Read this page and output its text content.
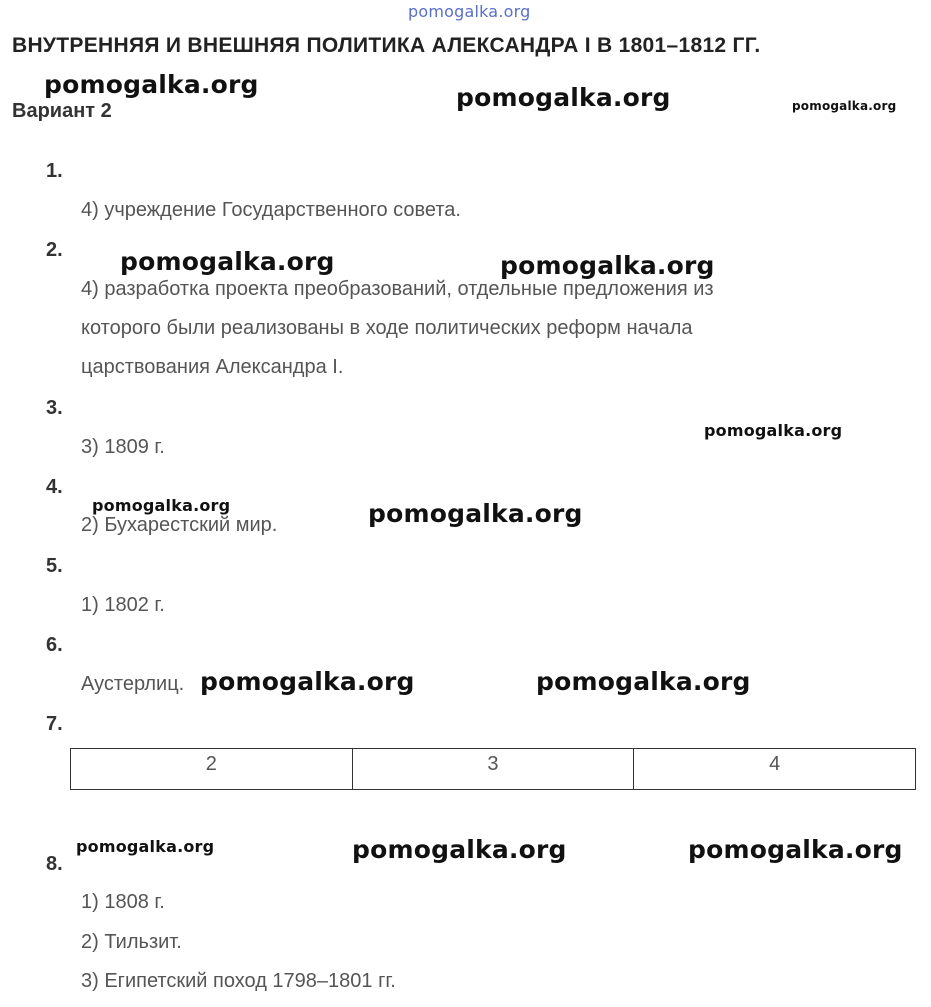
pomogalka.org
ВНУТРЕННЯЯ И ВНЕШНЯЯ ПОЛИТИКА АЛЕКСАНДРА I В 1801–1812 ГГ.
Вариант 2
1.
4) учреждение Государственного совета.
2.
4) разработка проекта преобразований, отдельные предложения из
которого были реализованы в ходе политических реформ начала
царствования Александра I.
3.
3) 1809 г.
4.
2) Бухарестский мир.
5.
1) 1802 г.
6.
Аустерлиц.
7.
2	3	4
8.
1) 1808 г.
2) Тильзит.
3) Египетский поход 1798–1801 гг.
pomogalka.org	pomogalka.org	pomogalka.org
pomogalka.org	pomogalka.org
pomogalka.org
pomogalka.org	pomogalka.org
pomogalka.org	pomogalka.org
pomogalka.org	pomogalka.org	pomogalka.org
